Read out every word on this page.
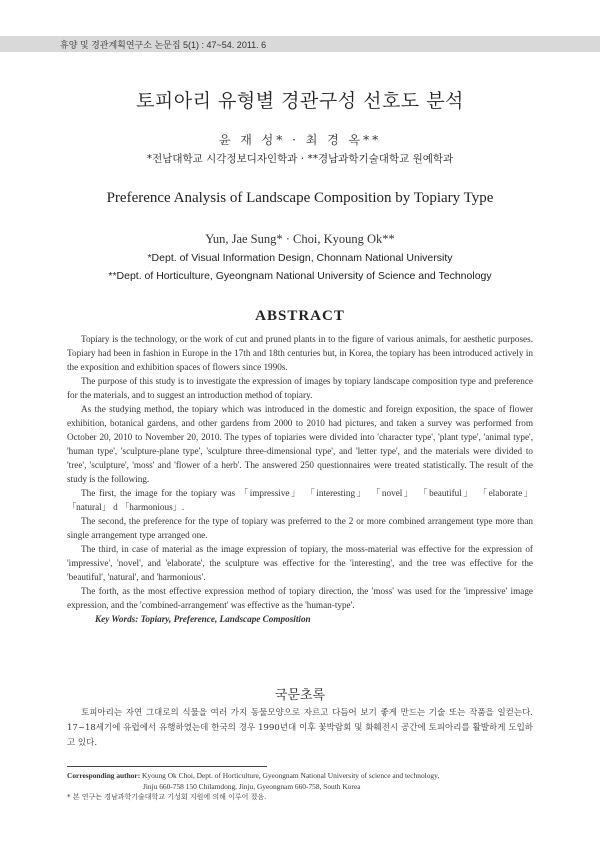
휴양 및 경관계획연구소 논문집 5(1) : 47~54. 2011. 6
토피아리 유형별 경관구성 선호도 분석
윤 재 성* · 최 경 옥**
*전남대학교 시각정보디자인학과 · **경남과학기술대학교 원예학과
Preference Analysis of Landscape Composition by Topiary Type
Yun, Jae Sung* · Choi, Kyoung Ok**
*Dept. of Visual Information Design, Chonnam National University
**Dept. of Horticulture, Gyeongnam National University of Science and Technology
ABSTRACT

Topiary is the technology, or the work of cut and pruned plants in to the figure of various animals, for aesthetic purposes. Topiary had been in fashion in Europe in the 17th and 18th centuries but, in Korea, the topiary has been introduced actively in the exposition and exhibition spaces of flowers since 1990s.

The purpose of this study is to investigate the expression of images by topiary landscape composition type and preference for the materials, and to suggest an introduction method of topiary.

As the studying method, the topiary which was introduced in the domestic and foreign exposition, the space of flower exhibition, botanical gardens, and other gardens from 2000 to 2010 had pictures, and taken a survey was performed from October 20, 2010 to November 20, 2010. The types of topiaries were divided into 'character type', 'plant type', 'animal type', 'human type', 'sculpture-plane type', 'sculpture three-dimensional type', and 'letter type', and the materials were divided to 'tree', 'sculpture', 'moss' and 'flower of a herb'. The answered 250 questionnaires were treated statistically. The result of the study is the following.

The first, the image for the topiary was 「impressive」 「interesting」 「novel」 「beautiful」 「elaborate」 「natural」 d 「harmonious」.

The second, the preference for the type of topiary was preferred to the 2 or more combined arrangement type more than single arrangement type arranged one.

The third, in case of material as the image expression of topiary, the moss-material was effective for the expression of 'impressive', 'novel', and 'elaborate', the sculpture was effective for the 'interesting', and the tree was effective for the 'beautiful', 'natural', and 'harmonious'.

The forth, as the most effective expression method of topiary direction, the 'moss' was used for the 'impressive' image expression, and the 'combined-arrangement' was effective as the 'human-type'.

Key Words: Topiary, Preference, Landscape Composition

국문초록

토피아리는 자연 그대로의 식물을 여러 가지 동물모양으로 자르고 다듬어 보기 좋게 만드는 기술 또는 작품을 일컫는다. 17~18세기에 유럽에서 유행하였는데 한국의 경우 1990년대 이후 꽃박람회 및 화훼전시 공간에 토피아리를 활발하게 도입하고 있다.

Corresponding author: Kyoung Ok Choi, Dept. of Horticulture, Gyeongnam National University of science and technology,

Jinju 660-758 150 Chilamdong, Jinju, Gyeongnam 660-758, South Korea

* 본 연구는 경남과학기술대학교 기성회 지원에 의해 이루어 졌음.
